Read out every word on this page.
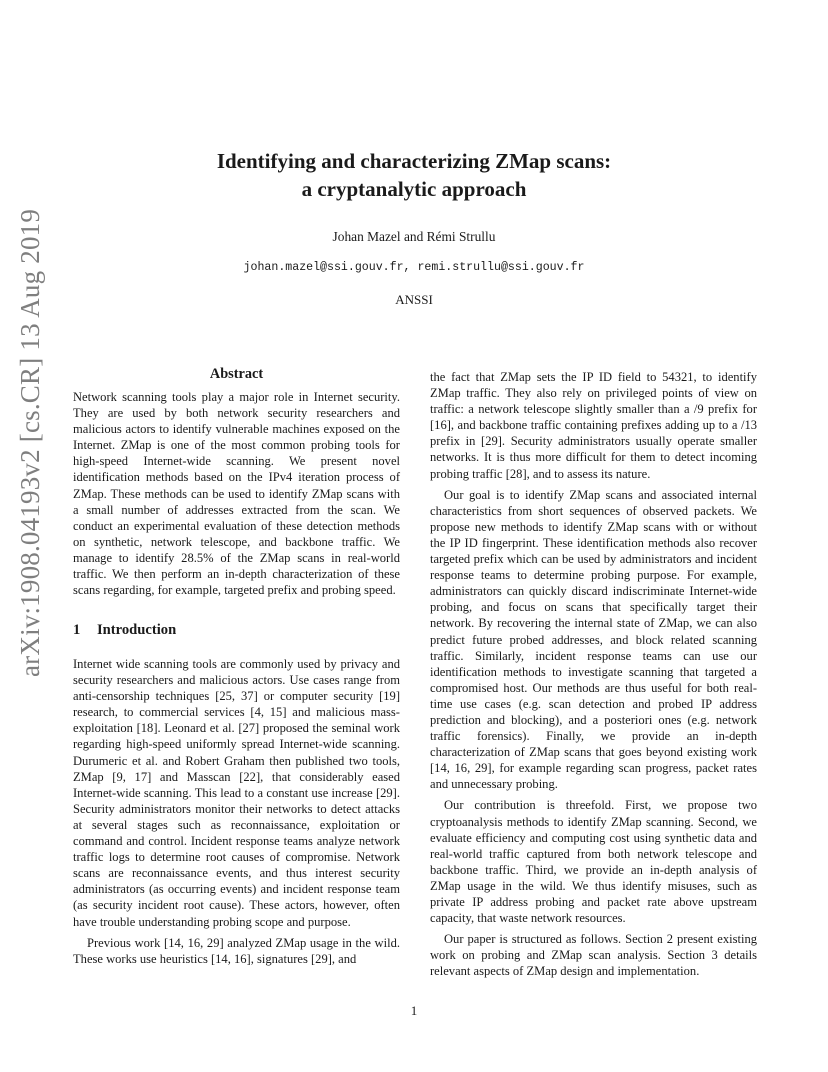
arXiv:1908.04193v2 [cs.CR] 13 Aug 2019
Identifying and characterizing ZMap scans:
a cryptanalytic approach
Johan Mazel and Rémi Strullu
johan.mazel@ssi.gouv.fr, remi.strullu@ssi.gouv.fr
ANSSI
Abstract

Network scanning tools play a major role in Internet security. They are used by both network security researchers and malicious actors to identify vulnerable machines exposed on the Internet. ZMap is one of the most common probing tools for high-speed Internet-wide scanning. We present novel identification methods based on the IPv4 iteration process of ZMap. These methods can be used to identify ZMap scans with a small number of addresses extracted from the scan. We conduct an experimental evaluation of these detection methods on synthetic, network telescope, and backbone traffic. We manage to identify 28.5% of the ZMap scans in real-world traffic. We then perform an in-depth characterization of these scans regarding, for example, targeted prefix and probing speed.

1 Introduction

Internet wide scanning tools are commonly used by privacy and security researchers and malicious actors. Use cases range from anti-censorship techniques [25, 37] or computer security [19] research, to commercial services [4, 15] and malicious mass-exploitation [18]. Leonard et al. [27] proposed the seminal work regarding high-speed uniformly spread Internet-wide scanning. Durumeric et al. and Robert Graham then published two tools, ZMap [9, 17] and Masscan [22], that considerably eased Internet-wide scanning. This lead to a constant use increase [29]. Security administrators monitor their networks to detect attacks at several stages such as reconnaissance, exploitation or command and control. Incident response teams analyze network traffic logs to determine root causes of compromise. Network scans are reconnaissance events, and thus interest security administrators (as occurring events) and incident response team (as security incident root cause). These actors, however, often have trouble understanding probing scope and purpose.

Previous work [14, 16, 29] analyzed ZMap usage in the wild. These works use heuristics [14, 16], signatures [29], and

the fact that ZMap sets the IP ID field to 54321, to identify ZMap traffic. They also rely on privileged points of view on traffic: a network telescope slightly smaller than a /9 prefix for [16], and backbone traffic containing prefixes adding up to a /13 prefix in [29]. Security administrators usually operate smaller networks. It is thus more difficult for them to detect incoming probing traffic [28], and to assess its nature.

Our goal is to identify ZMap scans and associated internal characteristics from short sequences of observed packets. We propose new methods to identify ZMap scans with or without the IP ID fingerprint. These identification methods also recover targeted prefix which can be used by administrators and incident response teams to determine probing purpose. For example, administrators can quickly discard indiscriminate Internet-wide probing, and focus on scans that specifically target their network. By recovering the internal state of ZMap, we can also predict future probed addresses, and block related scanning traffic. Similarly, incident response teams can use our identification methods to investigate scanning that targeted a compromised host. Our methods are thus useful for both real-time use cases (e.g. scan detection and probed IP address prediction and blocking), and a posteriori ones (e.g. network traffic forensics). Finally, we provide an in-depth characterization of ZMap scans that goes beyond existing work [14, 16, 29], for example regarding scan progress, packet rates and unnecessary probing.

Our contribution is threefold. First, we propose two cryptoanalysis methods to identify ZMap scanning. Second, we evaluate efficiency and computing cost using synthetic data and real-world traffic captured from both network telescope and backbone traffic. Third, we provide an in-depth analysis of ZMap usage in the wild. We thus identify misuses, such as private IP address probing and packet rate above upstream capacity, that waste network resources.

Our paper is structured as follows. Section 2 present existing work on probing and ZMap scan analysis. Section 3 details relevant aspects of ZMap design and implementation.

1
